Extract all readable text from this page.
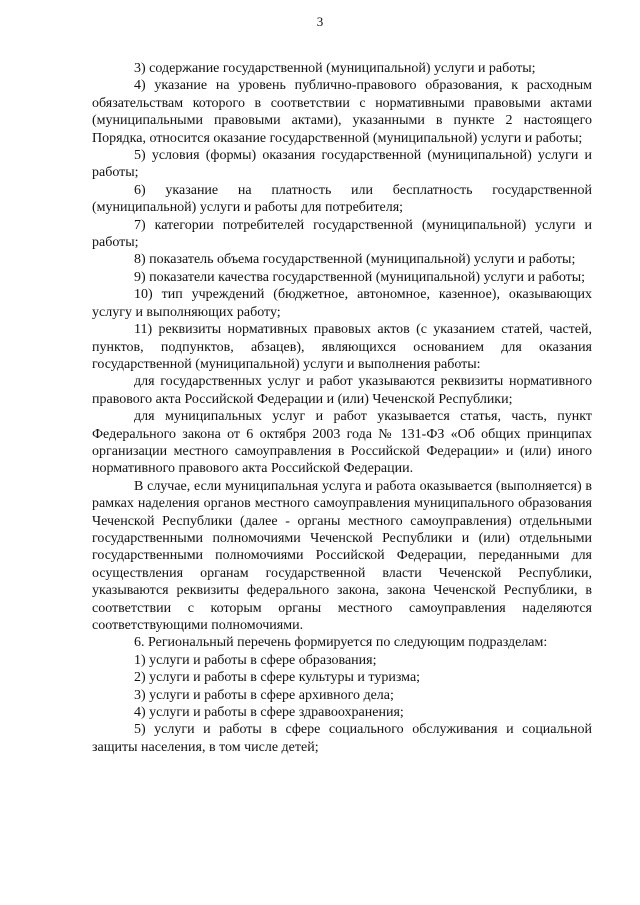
3

3) содержание государственной (муниципальной) услуги и работы;

4) указание на уровень публично-правового образования, к расходным обязательствам которого в соответствии с нормативными правовыми актами (муниципальными правовыми актами), указанными в пункте 2 настоящего Порядка, относится оказание государственной (муниципальной) услуги и работы;

5) условия (формы) оказания государственной (муниципальной) услуги и работы;

6) указание на платность или бесплатность государственной (муниципальной) услуги и работы для потребителя;

7) категории потребителей государственной (муниципальной) услуги и работы;

8) показатель объема государственной (муниципальной) услуги и работы;

9) показатели качества государственной (муниципальной) услуги и работы;

10) тип учреждений (бюджетное, автономное, казенное), оказывающих услугу и выполняющих работу;

11) реквизиты нормативных правовых актов (с указанием статей, частей, пунктов, подпунктов, абзацев), являющихся основанием для оказания государственной (муниципальной) услуги и выполнения работы:

для государственных услуг и работ указываются реквизиты нормативного правового акта Российской Федерации и (или) Чеченской Республики;

для муниципальных услуг и работ указывается статья, часть, пункт Федерального закона от 6 октября 2003 года № 131-ФЗ «Об общих принципах организации местного самоуправления в Российской Федерации» и (или) иного нормативного правового акта Российской Федерации.

В случае, если муниципальная услуга и работа оказывается (выполняется) в рамках наделения органов местного самоуправления муниципального образования Чеченской Республики (далее - органы местного самоуправления) отдельными государственными полномочиями Чеченской Республики и (или) отдельными государственными полномочиями Российской Федерации, переданными для осуществления органам государственной власти Чеченской Республики, указываются реквизиты федерального закона, закона Чеченской Республики, в соответствии с которым органы местного самоуправления наделяются соответствующими полномочиями.

6. Региональный перечень формируется по следующим подразделам:

1) услуги и работы в сфере образования;

2) услуги и работы в сфере культуры и туризма;

3) услуги и работы в сфере архивного дела;

4) услуги и работы в сфере здравоохранения;

5) услуги и работы в сфере социального обслуживания и социальной защиты населения, в том числе детей;
